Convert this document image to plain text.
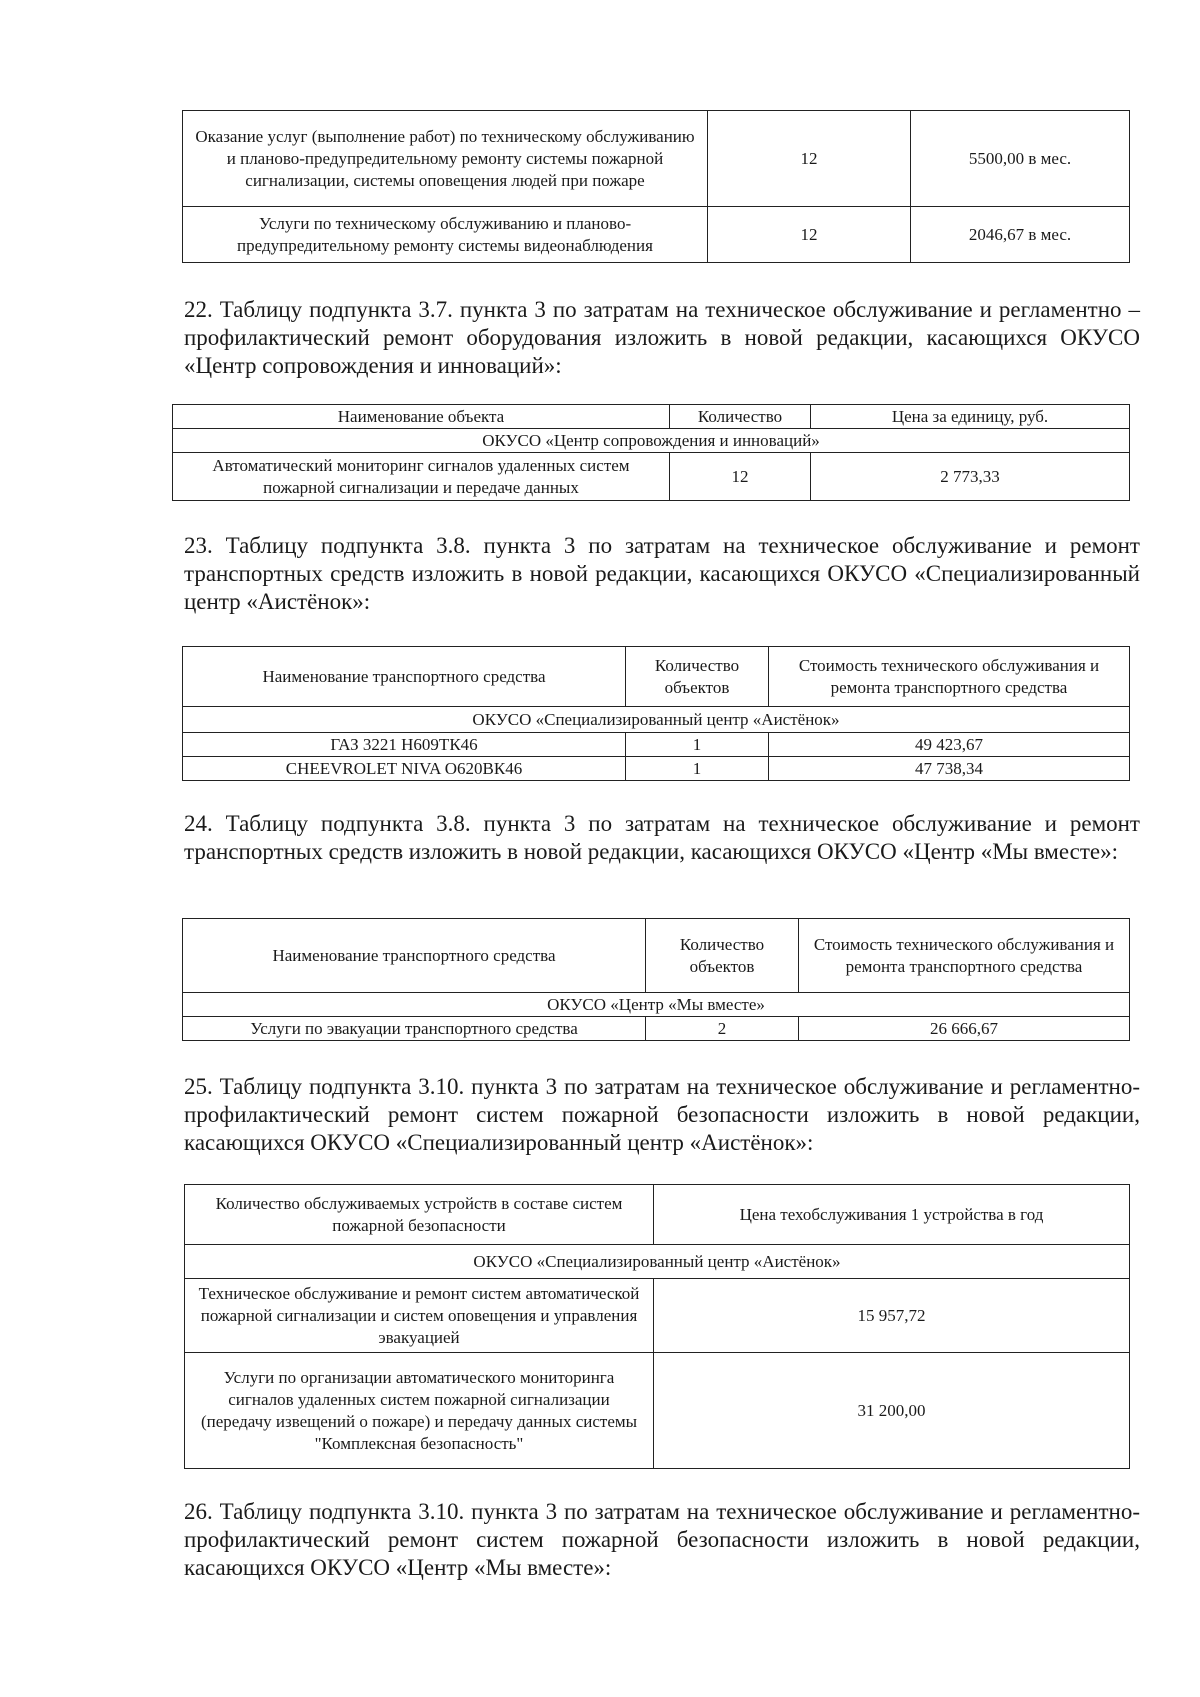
Оказание услуг (выполнение работ) по техническому обслуживанию и планово-предупредительному ремонту системы пожарной сигнализации, системы оповещения людей при пожаре	12	5500,00 в мес.
Услуги по техническому обслуживанию и планово-предупредительному ремонту системы видеонаблюдения	12	2046,67 в мес.

22. Таблицу подпункта 3.7. пункта 3 по затратам на техническое обслуживание и регламентно – профилактический ремонт оборудования изложить в новой редакции, касающихся ОКУСО «Центр сопровождения и инноваций»:

Наименование объекта	Количество	Цена за единицу, руб.
ОКУСО «Центр сопровождения и инноваций»		
Автоматический мониторинг сигналов удаленных систем пожарной сигнализации и передаче данных	12	2 773,33

23. Таблицу подпункта 3.8. пункта 3 по затратам на техническое обслуживание и ремонт транспортных средств изложить в новой редакции, касающихся ОКУСО «Специализированный центр «Аистёнок»:

Наименование транспортного средства	Количество объектов	Стоимость технического обслуживания и ремонта транспортного средства
ОКУСО «Специализированный центр «Аистёнок»		
ГАЗ 3221 Н609ТК46	1	49 423,67
CHEEVROLET NIVA О620ВК46	1	47 738,34

24. Таблицу подпункта 3.8. пункта 3 по затратам на техническое обслуживание и ремонт транспортных средств изложить в новой редакции, касающихся ОКУСО «Центр «Мы вместе»:

Наименование транспортного средства	Количество объектов	Стоимость технического обслуживания и ремонта транспортного средства
ОКУСО «Центр «Мы вместе»		
Услуги по эвакуации транспортного средства	2	26 666,67

25. Таблицу подпункта 3.10. пункта 3 по затратам на техническое обслуживание и регламентно-профилактический ремонт систем пожарной безопасности изложить в новой редакции, касающихся ОКУСО «Специализированный центр «Аистёнок»:

Количество обслуживаемых устройств в составе систем пожарной безопасности	Цена техобслуживания 1 устройства в год
ОКУСО «Специализированный центр «Аистёнок»	
Техническое обслуживание и ремонт систем автоматической пожарной сигнализации и систем оповещения и управления эвакуацией	15 957,72
Услуги по организации автоматического мониторинга сигналов удаленных систем пожарной сигнализации (передачу извещений о пожаре) и передачу данных системы "Комплексная безопасность"	31 200,00

26. Таблицу подпункта 3.10. пункта 3 по затратам на техническое обслуживание и регламентно-профилактический ремонт систем пожарной безопасности изложить в новой редакции, касающихся ОКУСО «Центр «Мы вместе»:
